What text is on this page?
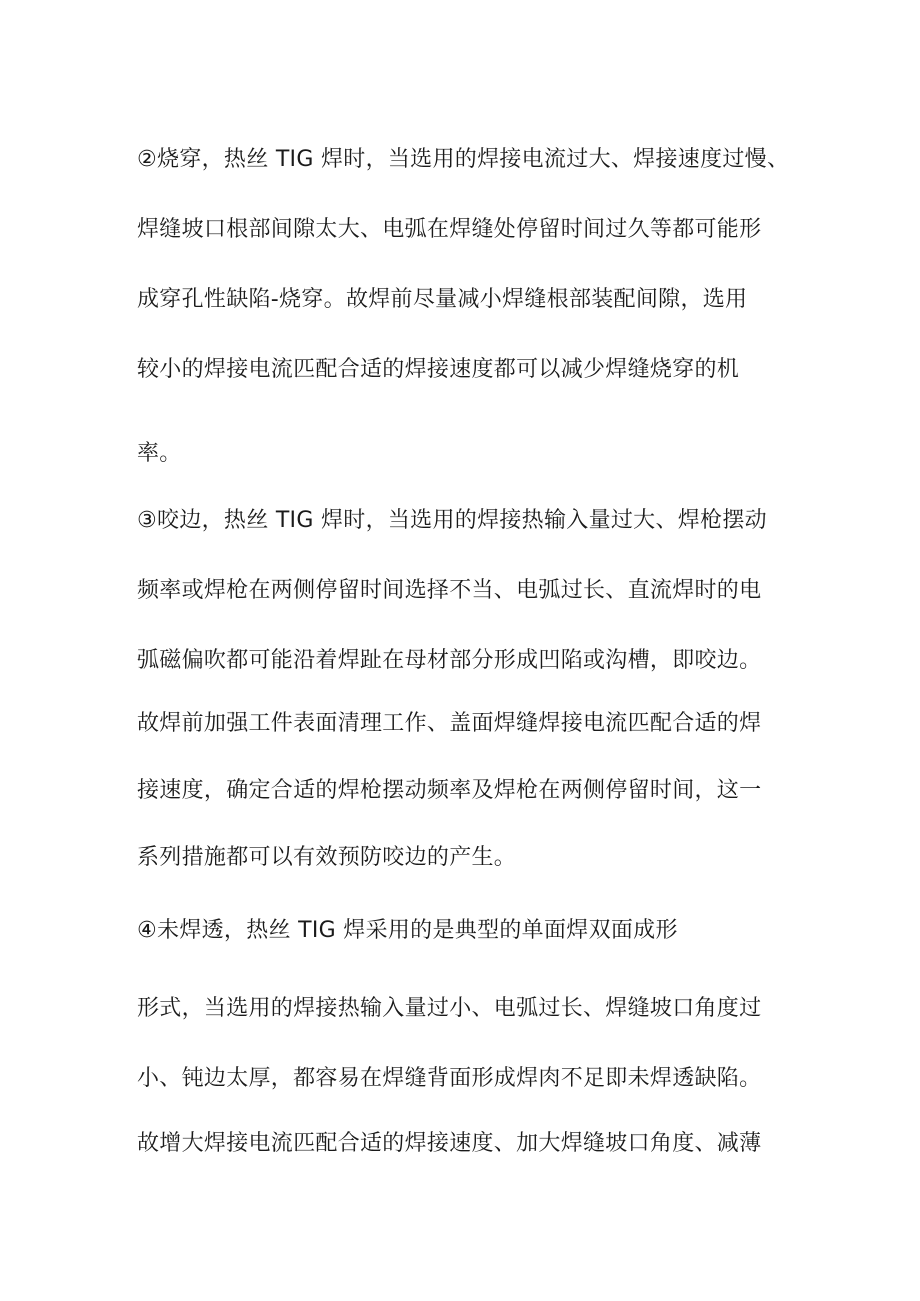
②烧穿，热丝 TIG 焊时，当选用的焊接电流过大、焊接速度过慢、
焊缝坡口根部间隙太大、电弧在焊缝处停留时间过久等都可能形
成穿孔性缺陷-烧穿。故焊前尽量减小焊缝根部装配间隙，选用
较小的焊接电流匹配合适的焊接速度都可以减少焊缝烧穿的机
率。
③咬边，热丝 TIG 焊时，当选用的焊接热输入量过大、焊枪摆动
频率或焊枪在两侧停留时间选择不当、电弧过长、直流焊时的电
弧磁偏吹都可能沿着焊趾在母材部分形成凹陷或沟槽，即咬边。
故焊前加强工件表面清理工作、盖面焊缝焊接电流匹配合适的焊
接速度，确定合适的焊枪摆动频率及焊枪在两侧停留时间，这一
系列措施都可以有效预防咬边的产生。
④未焊透，热丝 TIG 焊采用的是典型的单面焊双面成形
形式，当选用的焊接热输入量过小、电弧过长、焊缝坡口角度过
小、钝边太厚，都容易在焊缝背面形成焊肉不足即未焊透缺陷。
故增大焊接电流匹配合适的焊接速度、加大焊缝坡口角度、减薄
